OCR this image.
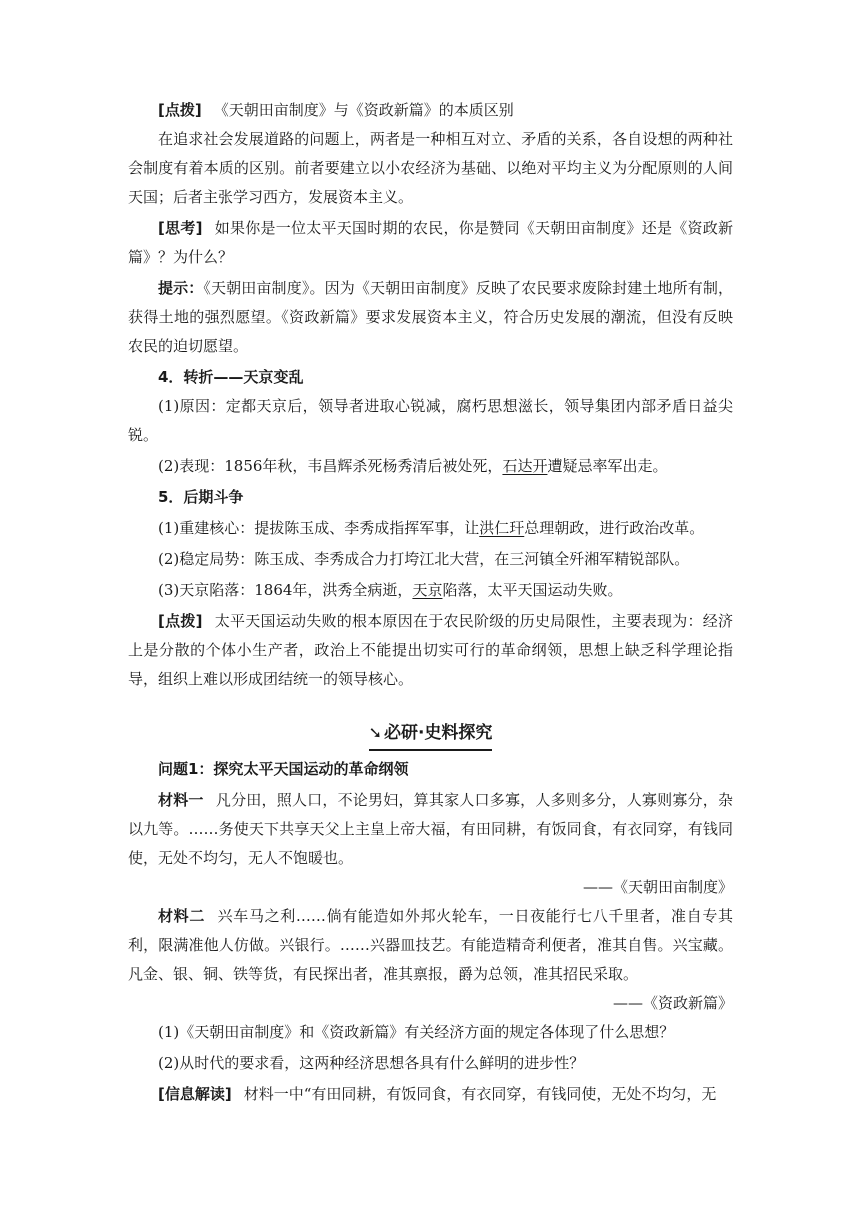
[点拨] 《天朝田亩制度》与《资政新篇》的本质区别

在追求社会发展道路的问题上，两者是一种相互对立、矛盾的关系，各自设想的两种社会制度有着本质的区别。前者要建立以小农经济为基础、以绝对平均主义为分配原则的人间天国；后者主张学习西方，发展资本主义。

[思考] 如果你是一位太平天国时期的农民，你是赞同《天朝田亩制度》还是《资政新篇》？为什么？

提示：《天朝田亩制度》。因为《天朝田亩制度》反映了农民要求废除封建土地所有制，获得土地的强烈愿望。《资政新篇》要求发展资本主义，符合历史发展的潮流，但没有反映农民的迫切愿望。

4．转折——天京变乱

(1)原因：定都天京后，领导者进取心锐减，腐朽思想滋长，领导集团内部矛盾日益尖锐。

(2)表现：1856年秋，韦昌辉杀死杨秀清后被处死，石达开遭疑忌率军出走。

5．后期斗争

(1)重建核心：提拔陈玉成、李秀成指挥军事，让洪仁玕总理朝政，进行政治改革。

(2)稳定局势：陈玉成、李秀成合力打垮江北大营，在三河镇全歼湘军精锐部队。

(3)天京陷落：1864年，洪秀全病逝，天京陷落，太平天国运动失败。

[点拨] 太平天国运动失败的根本原因在于农民阶级的历史局限性，主要表现为：经济上是分散的个体小生产者，政治上不能提出切实可行的革命纲领，思想上缺乏科学理论指导，组织上难以形成团结统一的领导核心。

➘ 必研·史料探究

问题1：探究太平天国运动的革命纲领

材料一 凡分田，照人口，不论男妇，算其家人口多寡，人多则多分，人寡则寡分，杂以九等。……务使天下共享天父上主皇上帝大福，有田同耕，有饭同食，有衣同穿，有钱同使，无处不均匀，无人不饱暖也。

——《天朝田亩制度》

材料二 兴车马之利……倘有能造如外邦火轮车，一日夜能行七八千里者，准自专其利，限满准他人仿做。兴银行。……兴器皿技艺。有能造精奇利便者，准其自售。兴宝藏。凡金、银、铜、铁等货，有民探出者，准其禀报，爵为总领，准其招民采取。

——《资政新篇》

(1)《天朝田亩制度》和《资政新篇》有关经济方面的规定各体现了什么思想？

(2)从时代的要求看，这两种经济思想各具有什么鲜明的进步性？

[信息解读] 材料一中“有田同耕，有饭同食，有衣同穿，有钱同使，无处不均匀，无
